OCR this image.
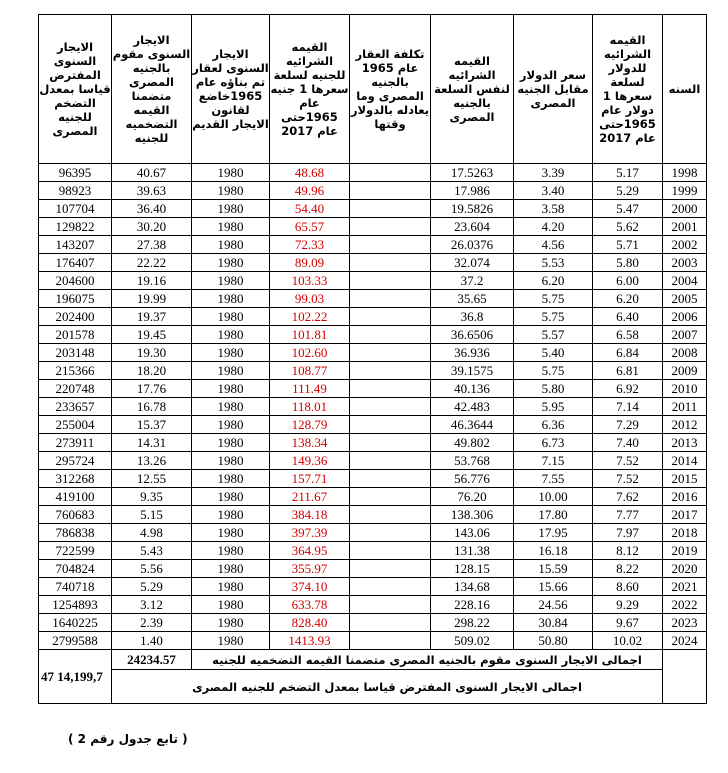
السنه	القيمه الشرائيه للدولار لسلعة سعرها 1 دولار عام 1965حتى عام 2017	سعر الدولار مقابل الجنيه المصرى	القيمه الشرائيه لنفس السلعة بالجنيه المصرى	تكلفة العقار عام 1965 بالجنيه المصرى وما يعادله بالدولار وقتها	القيمه الشرائيه للجنيه لسلعة سعرها 1 جنيه عام 1965حتى عام 2017	الايجار السنوى لعقار تم بناؤه عام 1965خاضع لقانون الايجار القديم	الايجار السنوى مقوم بالجنيه المصرى متضمنا القيمه التضخميه للجنيه	الايجار السنوى المفترض قياسا بمعدل التضخم للجنيه المصرى
1998	5.17	3.39	17.5263		48.68	1980	40.67	96395
1999	5.29	3.40	17.986		49.96	1980	39.63	98923
2000	5.47	3.58	19.5826		54.40	1980	36.40	107704
2001	5.62	4.20	23.604		65.57	1980	30.20	129822
2002	5.71	4.56	26.0376		72.33	1980	27.38	143207
2003	5.80	5.53	32.074		89.09	1980	22.22	176407
2004	6.00	6.20	37.2		103.33	1980	19.16	204600
2005	6.20	5.75	35.65		99.03	1980	19.99	196075
2006	6.40	5.75	36.8		102.22	1980	19.37	202400
2007	6.58	5.57	36.6506		101.81	1980	19.45	201578
2008	6.84	5.40	36.936		102.60	1980	19.30	203148
2009	6.81	5.75	39.1575		108.77	1980	18.20	215366
2010	6.92	5.80	40.136		111.49	1980	17.76	220748
2011	7.14	5.95	42.483		118.01	1980	16.78	233657
2012	7.29	6.36	46.3644		128.79	1980	15.37	255004
2013	7.40	6.73	49.802		138.34	1980	14.31	273911
2014	7.52	7.15	53.768		149.36	1980	13.26	295724
2015	7.52	7.55	56.776		157.71	1980	12.55	312268
2016	7.62	10.00	76.20		211.67	1980	9.35	419100
2017	7.77	17.80	138.306		384.18	1980	5.15	760683
2018	7.97	17.95	143.06		397.39	1980	4.98	786838
2019	8.12	16.18	131.38		364.95	1980	5.43	722599
2020	8.22	15.59	128.15		355.97	1980	5.56	704824
2021	8.60	15.66	134.68		374.10	1980	5.29	740718
2022	9.29	24.56	228.16		633.78	1980	3.12	1254893
2023	9.67	30.84	298.22		828.40	1980	2.39	1640225
2024	10.02	50.80	509.02		1413.93	1980	1.40	2799588
	اجمالى الايجار السنوى مقوم بالجنيه المصرى متضمنا القيمه التضخميه للجنيه						24234.57	14,199,7 47
	اجمالى الايجار السنوى المفترض قياسا بمعدل التضخم للجنيه المصرى							
( تابع جدول رقم 2 )
